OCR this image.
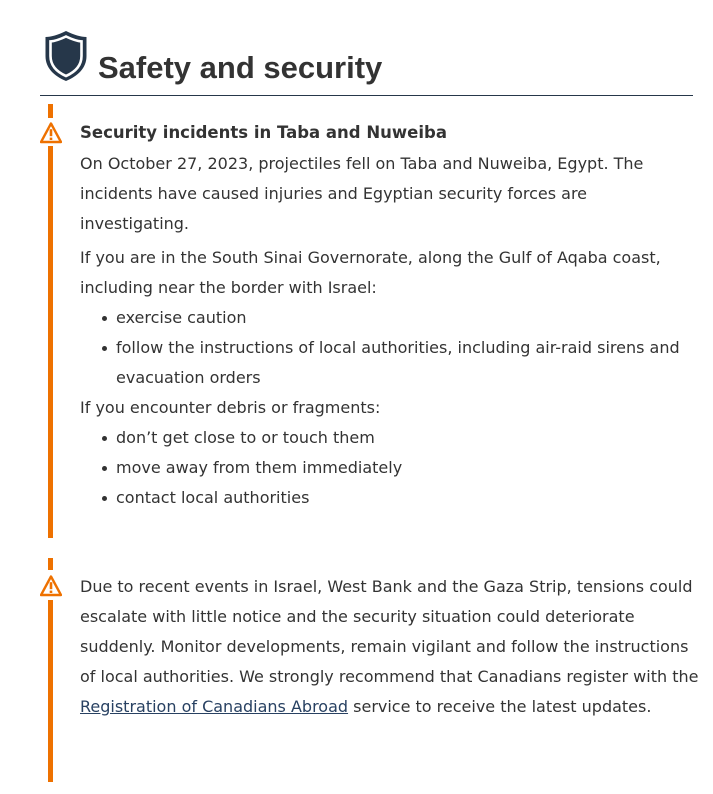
Safety and security

Security incidents in Taba and Nuweiba

On October 27, 2023, projectiles fell on Taba and Nuweiba, Egypt. The incidents have caused injuries and Egyptian security forces are investigating.

If you are in the South Sinai Governorate, along the Gulf of Aqaba coast, including near the border with Israel:

exercise caution
follow the instructions of local authorities, including air-raid sirens and evacuation orders

If you encounter debris or fragments:

don’t get close to or touch them
move away from them immediately
contact local authorities

Due to recent events in Israel, West Bank and the Gaza Strip, tensions could escalate with little notice and the security situation could deteriorate suddenly. Monitor developments, remain vigilant and follow the instructions of local authorities. We strongly recommend that Canadians register with the Registration of Canadians Abroad service to receive the latest updates.
